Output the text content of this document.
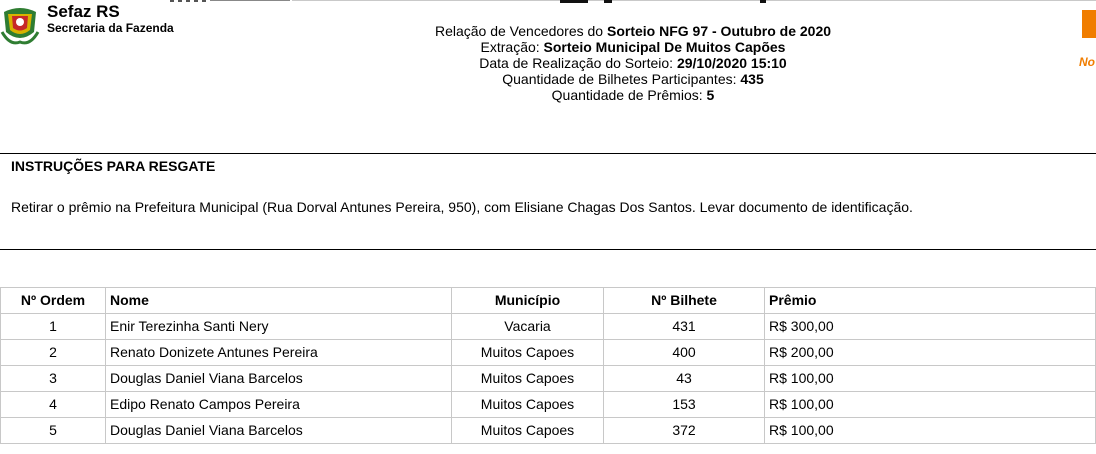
Sefaz RS
Secretaria da Fazenda
No
Relação de Vencedores do Sorteio NFG 97 - Outubro de 2020
Extração: Sorteio Municipal De Muitos Capões
Data de Realização do Sorteio: 29/10/2020 15:10
Quantidade de Bilhetes Participantes: 435
Quantidade de Prêmios: 5
INSTRUÇÕES PARA RESGATE
Retirar o prêmio na Prefeitura Municipal (Rua Dorval Antunes Pereira, 950), com Elisiane Chagas Dos Santos. Levar documento de identificação.
Nº Ordem	Nome	Município	Nº Bilhete	Prêmio
1	Enir Terezinha Santi Nery	Vacaria	431	R$ 300,00
2	Renato Donizete Antunes Pereira	Muitos Capoes	400	R$ 200,00
3	Douglas Daniel Viana Barcelos	Muitos Capoes	43	R$ 100,00
4	Edipo Renato Campos Pereira	Muitos Capoes	153	R$ 100,00
5	Douglas Daniel Viana Barcelos	Muitos Capoes	372	R$ 100,00
